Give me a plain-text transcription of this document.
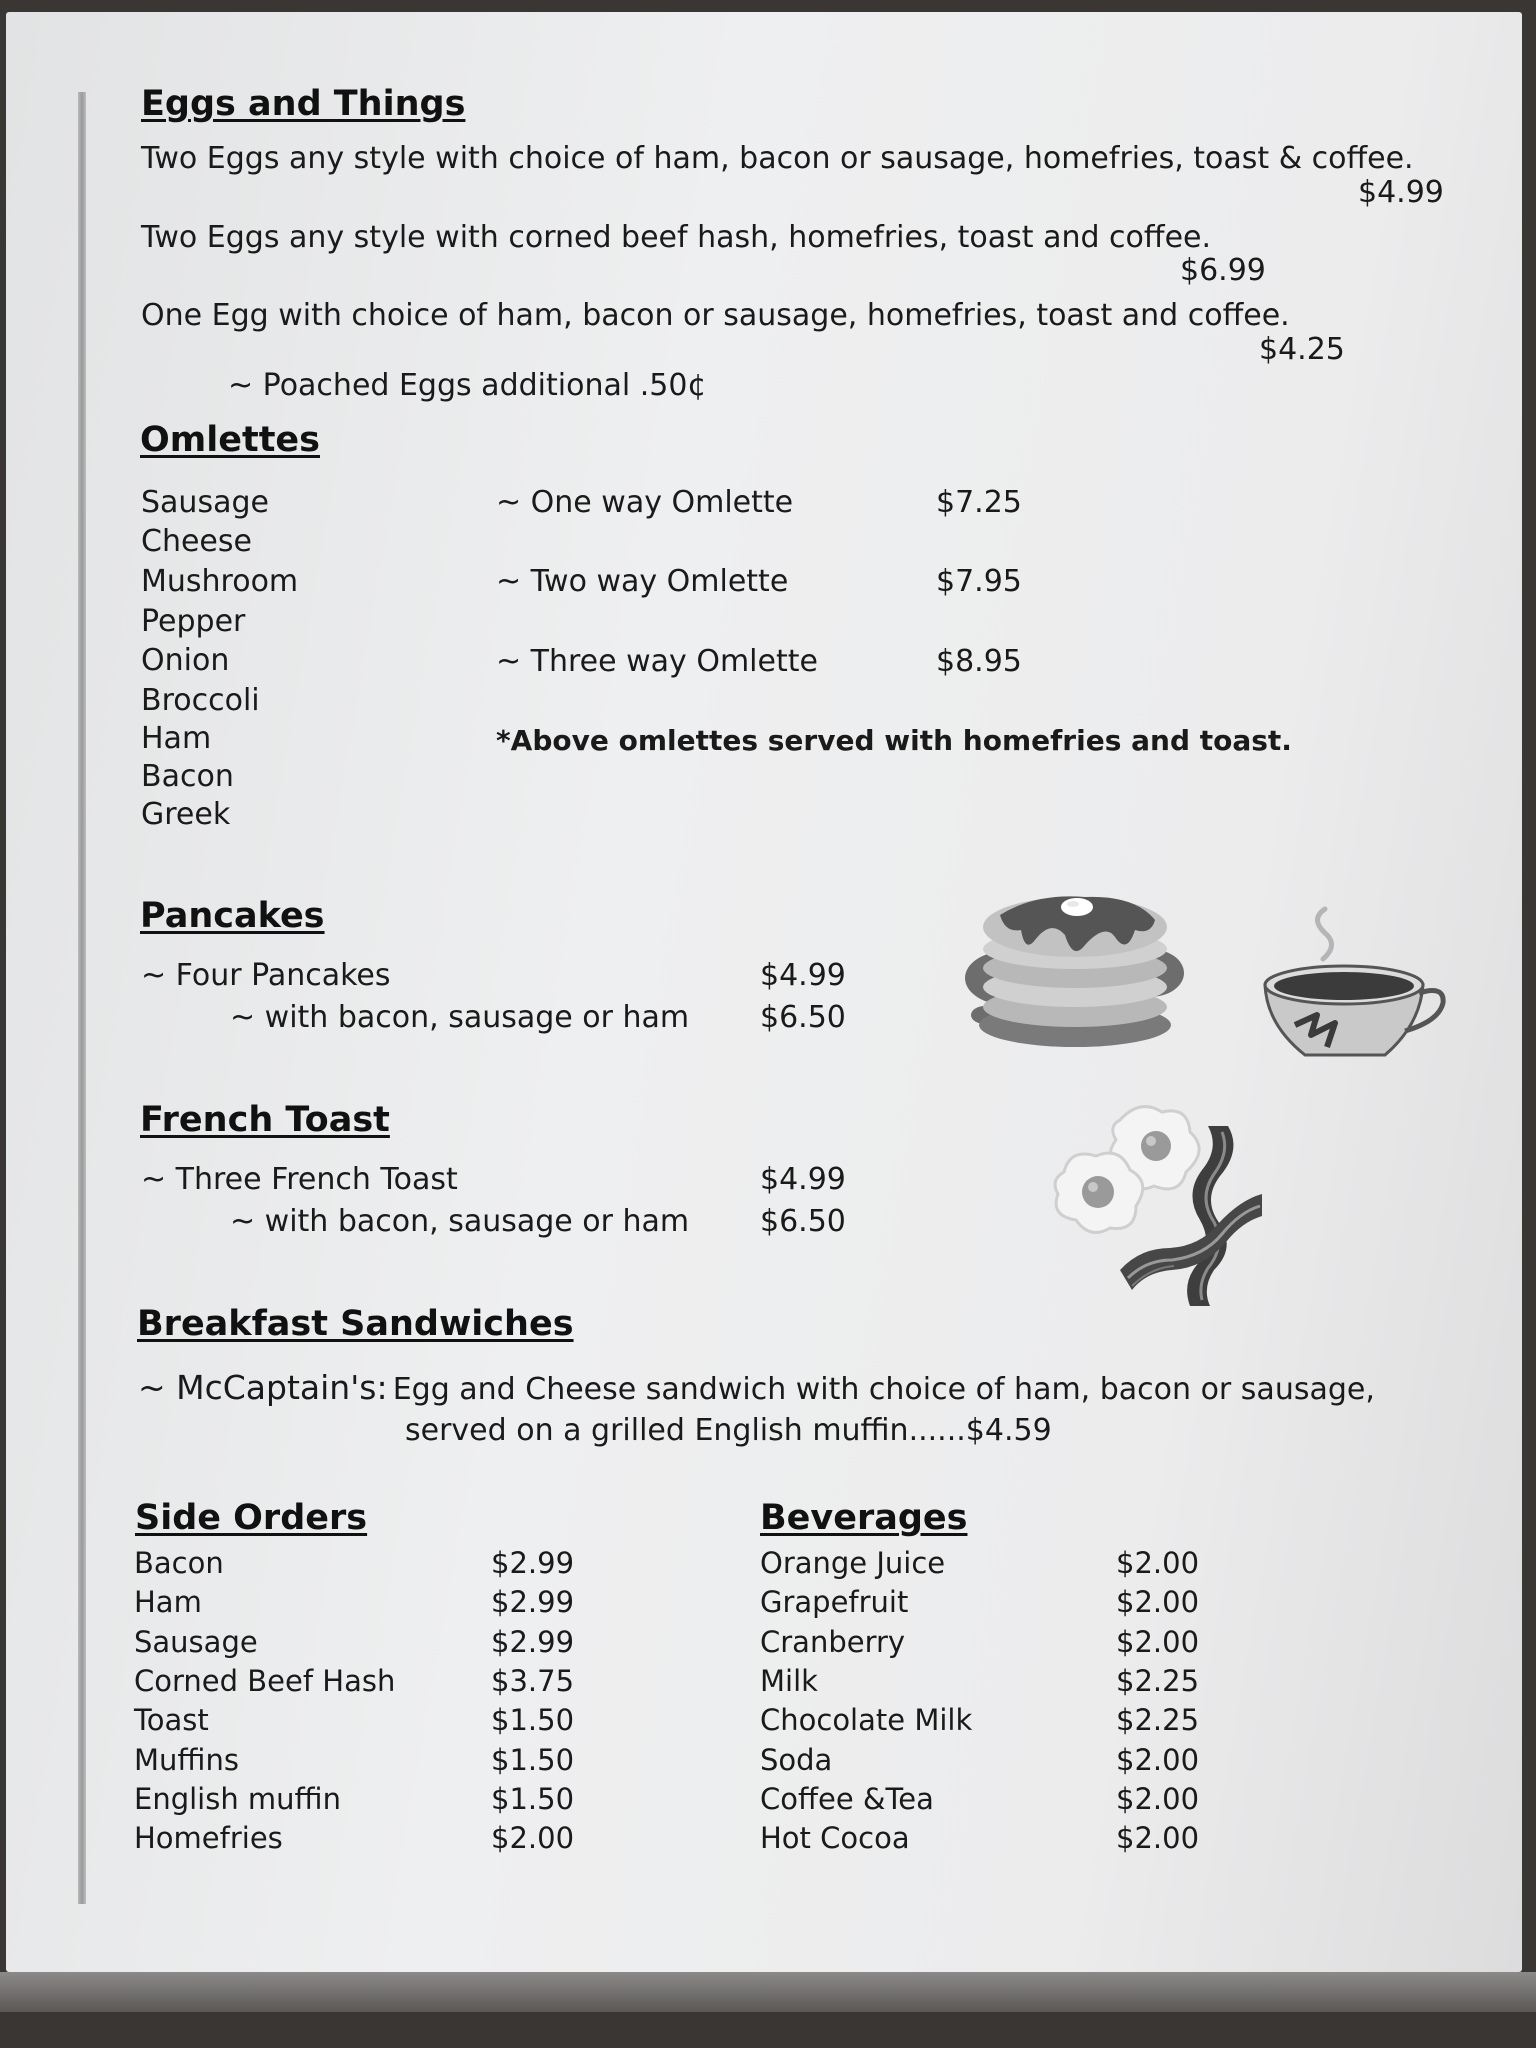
Eggs and Things
Two Eggs any style with choice of ham, bacon or sausage, homefries, toast & coffee.
$4.99
Two Eggs any style with corned beef hash, homefries, toast and coffee.
$6.99
One Egg with choice of ham, bacon or sausage, homefries, toast and coffee.
$4.25
~ Poached Eggs additional .50¢
Omlettes
Sausage
Cheese
Mushroom
Pepper
Onion
Broccoli
Ham
Bacon
Greek
~ One way Omlette	$7.25
~ Two way Omlette	$7.95
~ Three way Omlette	$8.95
*Above omlettes served with homefries and toast.
Pancakes
~ Four Pancakes	$4.99
~ with bacon, sausage or ham $6.50
French Toast
~ Three French Toast	$4.99
~ with bacon, sausage or ham $6.50
Breakfast Sandwiches
~ McCaptain's: Egg and Cheese sandwich with choice of ham, bacon or sausage,
served on a grilled English muffin......$4.59
Side Orders
Bacon	$2.99
Ham	$2.99
Sausage	$2.99
Corned Beef Hash	$3.75
Toast	$1.50
Muffins	$1.50
English muffin	$1.50
Homefries	$2.00
Beverages
Orange Juice	$2.00
Grapefruit	$2.00
Cranberry	$2.00
Milk	$2.25
Chocolate Milk	$2.25
Soda	$2.00
Coffee &Tea	$2.00
Hot Cocoa	$2.00
